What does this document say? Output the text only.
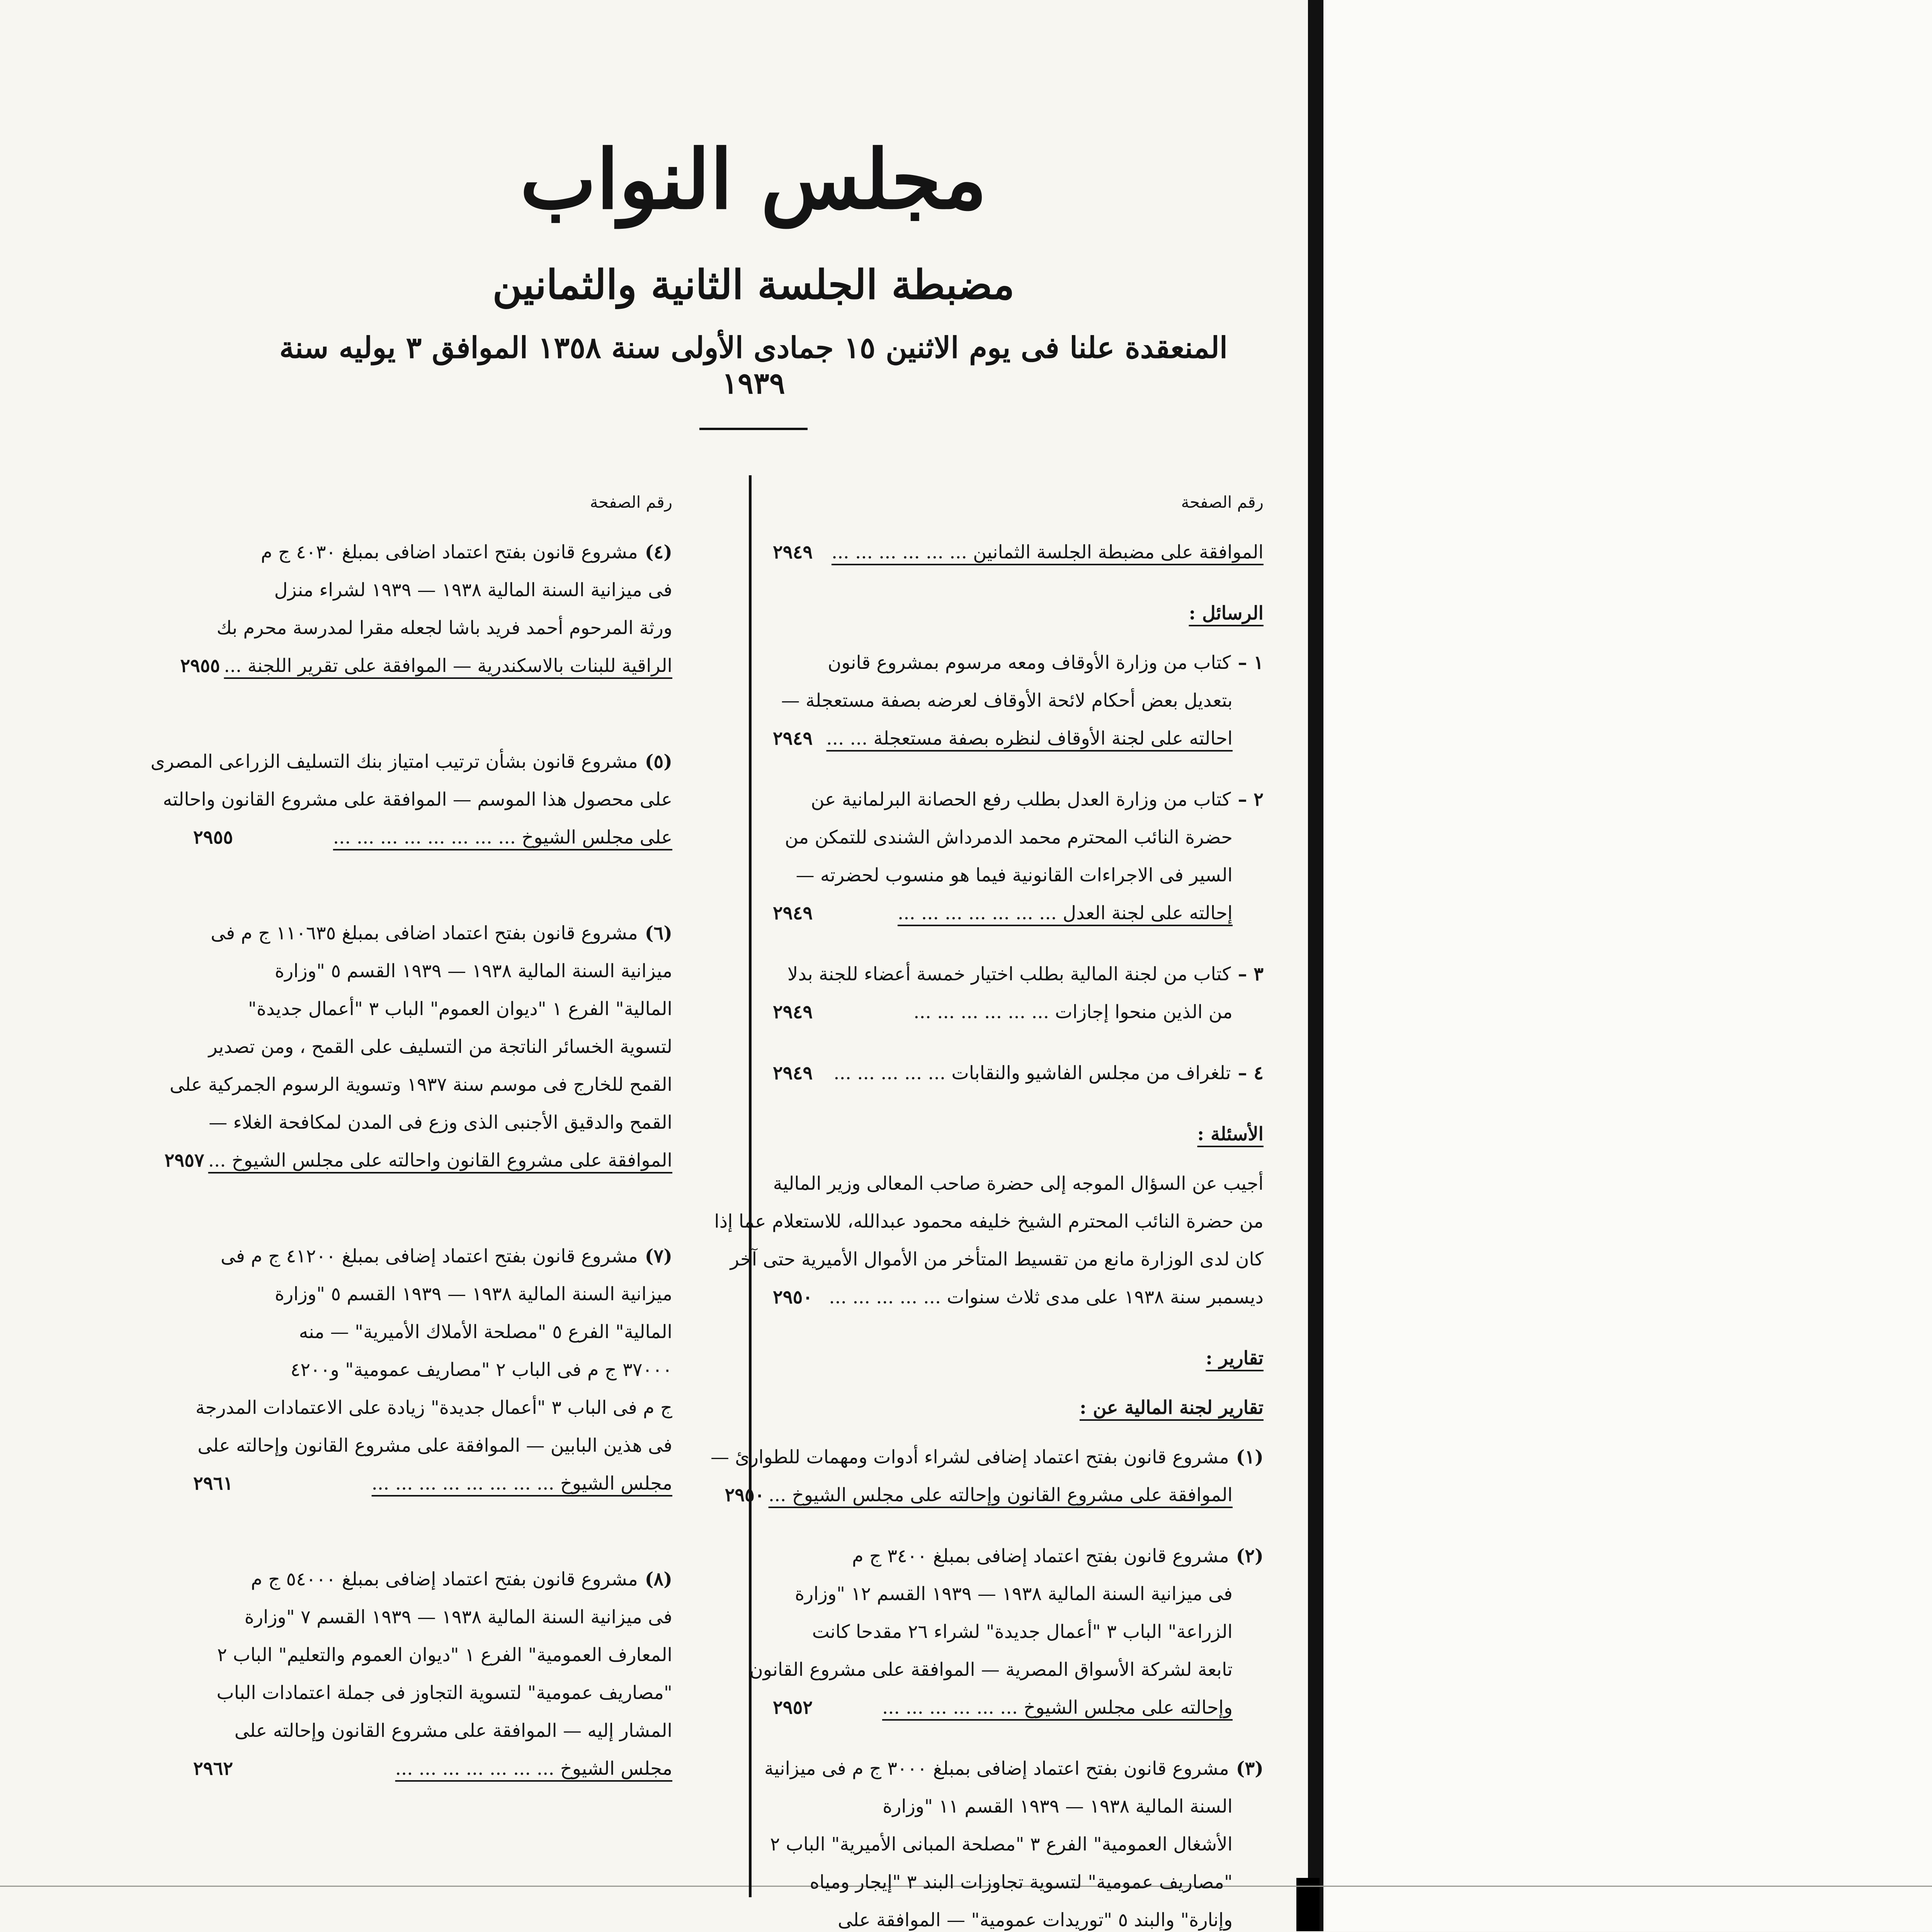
مجلس النواب
مضبطة الجلسة الثانية والثمانين
المنعقدة علنا فى يوم الاثنين ١٥ جمادى الأولى سنة ١٣٥٨ الموافق ٣ يوليه سنة ١٩٣٩
رقم الصفحة
الموافقة على مضبطة الجلسة الثمانين ... ... ... ... ... ...
٢٩٤٩
الرسائل :
١ –كتاب من وزارة الأوقاف ومعه مرسوم بمشروع قانون
بتعديل بعض أحكام لائحة الأوقاف لعرضه بصفة مستعجلة —
احالته على لجنة الأوقاف لنظره بصفة مستعجلة ... ...
٢٩٤٩
٢ –كتاب من وزارة العدل بطلب رفع الحصانة البرلمانية عن
حضرة النائب المحترم محمد الدمرداش الشندى للتمكن من
السير فى الاجراءات القانونية فيما هو منسوب لحضرته —
إحالته على لجنة العدل ... ... ... ... ... ... ...
٢٩٤٩
٣ –كتاب من لجنة المالية بطلب اختيار خمسة أعضاء للجنة بدلا
من الذين منحوا إجازات ... ... ... ... ... ...
٢٩٤٩
٤ –تلغراف من مجلس الفاشيو والنقابات ... ... ... ... ...
٢٩٤٩
الأسئلة :
أجيب عن السؤال الموجه إلى حضرة صاحب المعالى وزير المالية
من حضرة النائب المحترم الشيخ خليفه محمود عبدالله، للاستعلام عما إذا
كان لدى الوزارة مانع من تقسيط المتأخر من الأموال الأميرية حتى آخر
ديسمبر سنة ١٩٣٨ على مدى ثلاث سنوات ... ... ... ... ...
٢٩٥٠
تقارير :
تقارير لجنة المالية عن :
(١)مشروع قانون بفتح اعتماد إضافى لشراء أدوات ومهمات للطوارئ —
الموافقة على مشروع القانون وإحالته على مجلس الشيوخ ...
٢٩٥٠
(٢)مشروع قانون بفتح اعتماد إضافى بمبلغ ٣٤٠٠ ج م
فى ميزانية السنة المالية ١٩٣٨ — ١٩٣٩ القسم ١٢ "وزارة
الزراعة" الباب ٣ "أعمال جديدة" لشراء ٢٦ مقدحا كانت
تابعة لشركة الأسواق المصرية — الموافقة على مشروع القانون
وإحالته على مجلس الشيوخ ... ... ... ... ... ...
٢٩٥٢
(٣)مشروع قانون بفتح اعتماد إضافى بمبلغ ٣٠٠٠ ج م فى ميزانية
السنة المالية ١٩٣٨ — ١٩٣٩ القسم ١١ "وزارة
الأشغال العمومية" الفرع ٣ "مصلحة المبانى الأميرية" الباب ٢
"مصاريف عمومية" لتسوية تجاوزات البند ٣ "إيجار ومياه
وإنارة" والبند ٥ "توريدات عمومية" — الموافقة على
رقم الصفحة
(٤)مشروع قانون بفتح اعتماد اضافى بمبلغ ٤٠٣٠ ج م
فى ميزانية السنة المالية ١٩٣٨ — ١٩٣٩ لشراء منزل
ورثة المرحوم أحمد فريد باشا لجعله مقرا لمدرسة محرم بك
الراقية للبنات بالاسكندرية — الموافقة على تقرير اللجنة ...
٢٩٥٥
(٥)مشروع قانون بشأن ترتيب امتياز بنك التسليف الزراعى المصرى
على محصول هذا الموسم — الموافقة على مشروع القانون واحالته
على مجلس الشيوخ ... ... ... ... ... ... ... ...
٢٩٥٥
(٦)مشروع قانون بفتح اعتماد اضافى بمبلغ ١١٠٦٣٥ ج م فى
ميزانية السنة المالية ١٩٣٨ — ١٩٣٩ القسم ٥ "وزارة
المالية" الفرع ١ "ديوان العموم" الباب ٣ "أعمال جديدة"
لتسوية الخسائر الناتجة من التسليف على القمح ، ومن تصدير
القمح للخارج فى موسم سنة ١٩٣٧ وتسوية الرسوم الجمركية على
القمح والدقيق الأجنبى الذى وزع فى المدن لمكافحة الغلاء —
الموافقة على مشروع القانون واحالته على مجلس الشيوخ ...
٢٩٥٧
(٧)مشروع قانون بفتح اعتماد إضافى بمبلغ ٤١٢٠٠ ج م فى
ميزانية السنة المالية ١٩٣٨ — ١٩٣٩ القسم ٥ "وزارة
المالية" الفرع ٥ "مصلحة الأملاك الأميرية" — منه
٣٧٠٠٠ ج م فى الباب ٢ "مصاريف عمومية" و٤٢٠٠
ج م فى الباب ٣ "أعمال جديدة" زيادة على الاعتمادات المدرجة
فى هذين البابين — الموافقة على مشروع القانون وإحالته على
مجلس الشيوخ ... ... ... ... ... ... ... ...
٢٩٦١
(٨)مشروع قانون بفتح اعتماد إضافى بمبلغ ٥٤٠٠٠ ج م
فى ميزانية السنة المالية ١٩٣٨ — ١٩٣٩ القسم ٧ "وزارة
المعارف العمومية" الفرع ١ "ديوان العموم والتعليم" الباب ٢
"مصاريف عمومية" لتسوية التجاوز فى جملة اعتمادات الباب
المشار إليه — الموافقة على مشروع القانون وإحالته على
مجلس الشيوخ ... ... ... ... ... ... ...
٢٩٦٢
